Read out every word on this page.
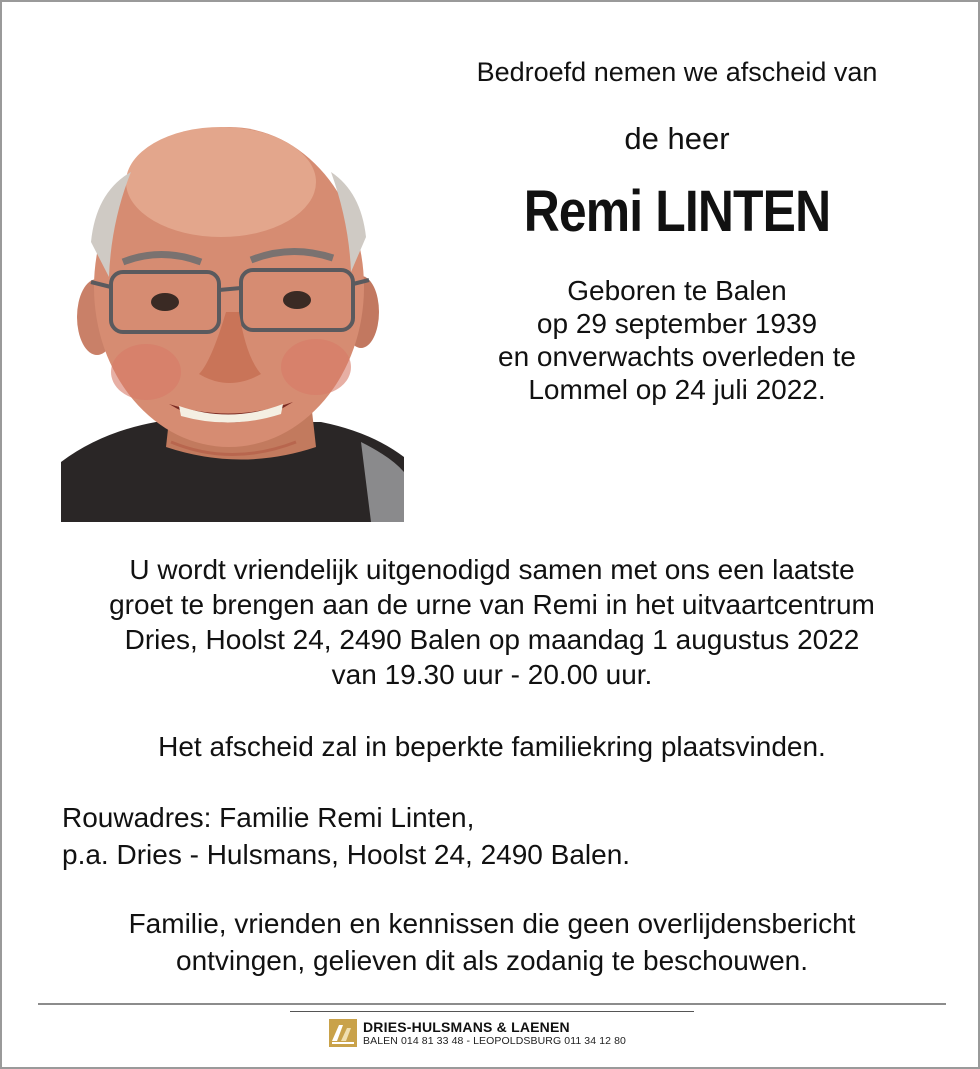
Bedroefd nemen we afscheid van

de heer

Remi LINTEN

Geboren te Balen
op 29 september 1939
en onverwachts overleden te
Lommel op 24 juli 2022.
U wordt vriendelijk uitgenodigd samen met ons een laatste
groet te brengen aan de urne van Remi in het uitvaartcentrum
Dries, Hoolst 24, 2490 Balen op maandag 1 augustus 2022
van 19.30 uur - 20.00 uur.
Het afscheid zal in beperkte familiekring plaatsvinden.
Rouwadres: Familie Remi Linten,
p.a. Dries - Hulsmans, Hoolst 24, 2490 Balen.
Familie, vrienden en kennissen die geen overlijdensbericht
ontvingen, gelieven dit als zodanig te beschouwen.
DRIES-HULSMANS & LAENEN
BALEN 014 81 33 48 - LEOPOLDSBURG 011 34 12 80
